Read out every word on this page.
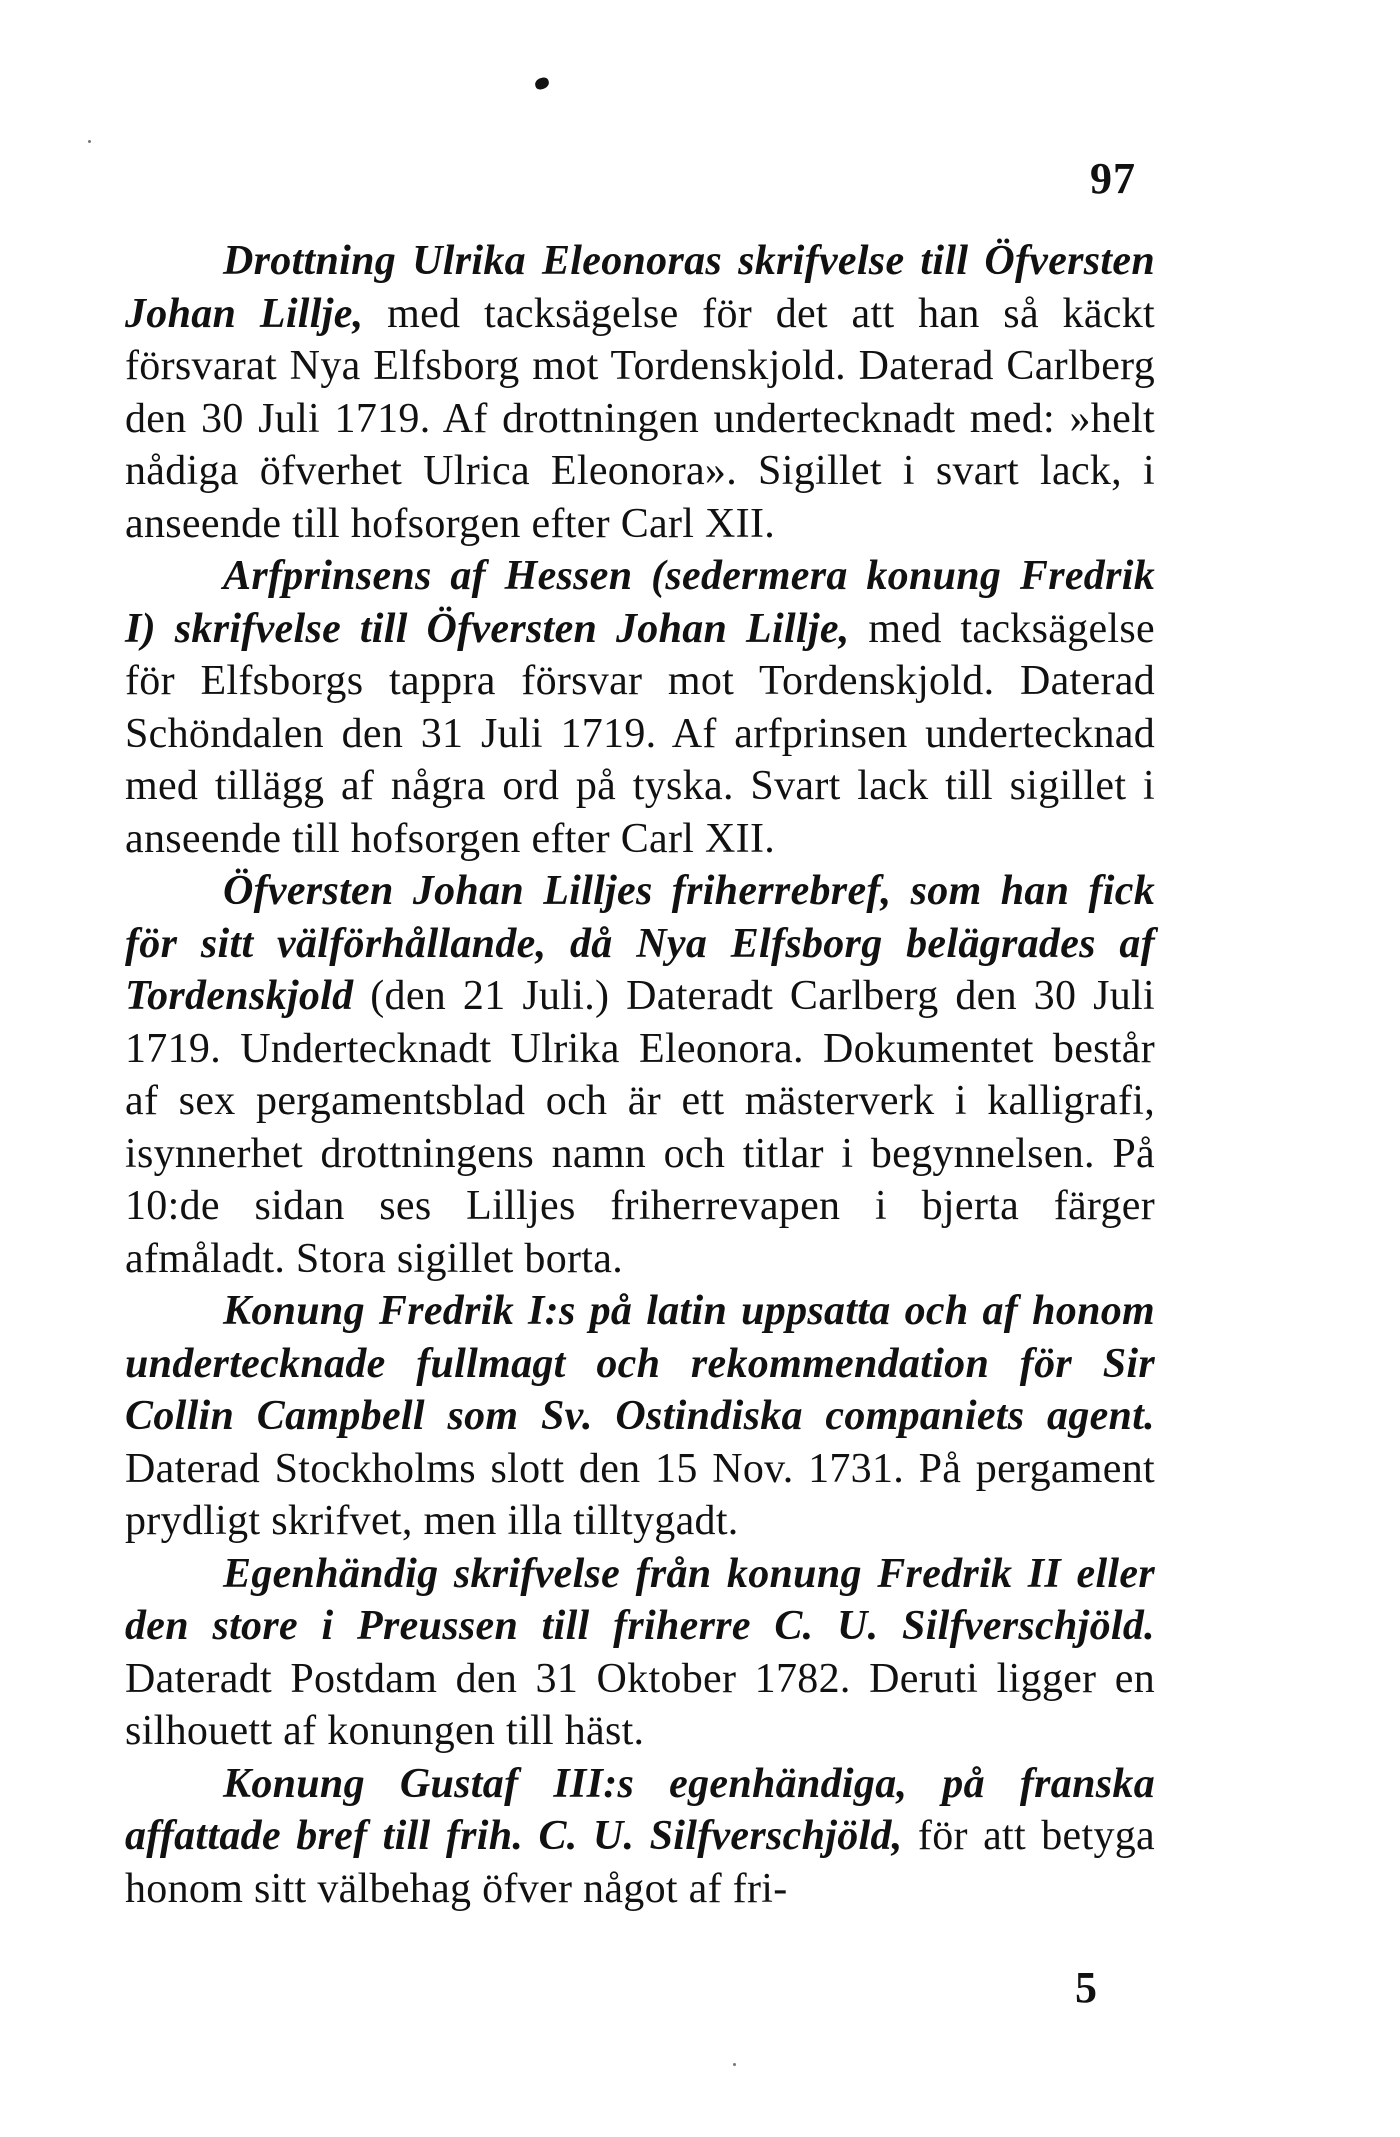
97

Drottning Ulrika Eleonoras skrifvelse till Öfversten Johan Lillje, med tacksägelse för det att han så käckt försvarat Nya Elfsborg mot Tordenskjold. Daterad Carlberg den 30 Juli 1719. Af drottningen undertecknadt med: »helt nådiga öfverhet Ulrica Eleonora». Sigillet i svart lack, i anseende till hofsorgen efter Carl XII.

Arfprinsens af Hessen (sedermera konung Fredrik I) skrifvelse till Öfversten Johan Lillje, med tacksägelse för Elfsborgs tappra försvar mot Tordenskjold. Daterad Schöndalen den 31 Juli 1719. Af arfprinsen undertecknad med tillägg af några ord på tyska. Svart lack till sigillet i anseende till hofsorgen efter Carl XII.

Öfversten Johan Lilljes friherrebref, som han fick för sitt välförhållande, då Nya Elfsborg belägrades af Tordenskjold (den 21 Juli.) Dateradt Carlberg den 30 Juli 1719. Undertecknadt Ulrika Eleonora. Dokumentet består af sex pergamentsblad och är ett mästerverk i kalligrafi, isynnerhet drottningens namn och titlar i begynnelsen. På 10:de sidan ses Lilljes friherrevapen i bjerta färger afmåladt. Stora sigillet borta.

Konung Fredrik I:s på latin uppsatta och af honom undertecknade fullmagt och rekommendation för Sir Collin Campbell som Sv. Ostindiska companiets agent. Daterad Stockholms slott den 15 Nov. 1731. På pergament prydligt skrifvet, men illa tilltygadt.

Egenhändig skrifvelse från konung Fredrik II eller den store i Preussen till friherre C. U. Silfverschjöld. Dateradt Postdam den 31 Oktober 1782. Deruti ligger en silhouett af konungen till häst.

Konung Gustaf III:s egenhändiga, på franska affattade bref till frih. C. U. Silfverschjöld, för att betyga honom sitt välbehag öfver något af fri-

5
